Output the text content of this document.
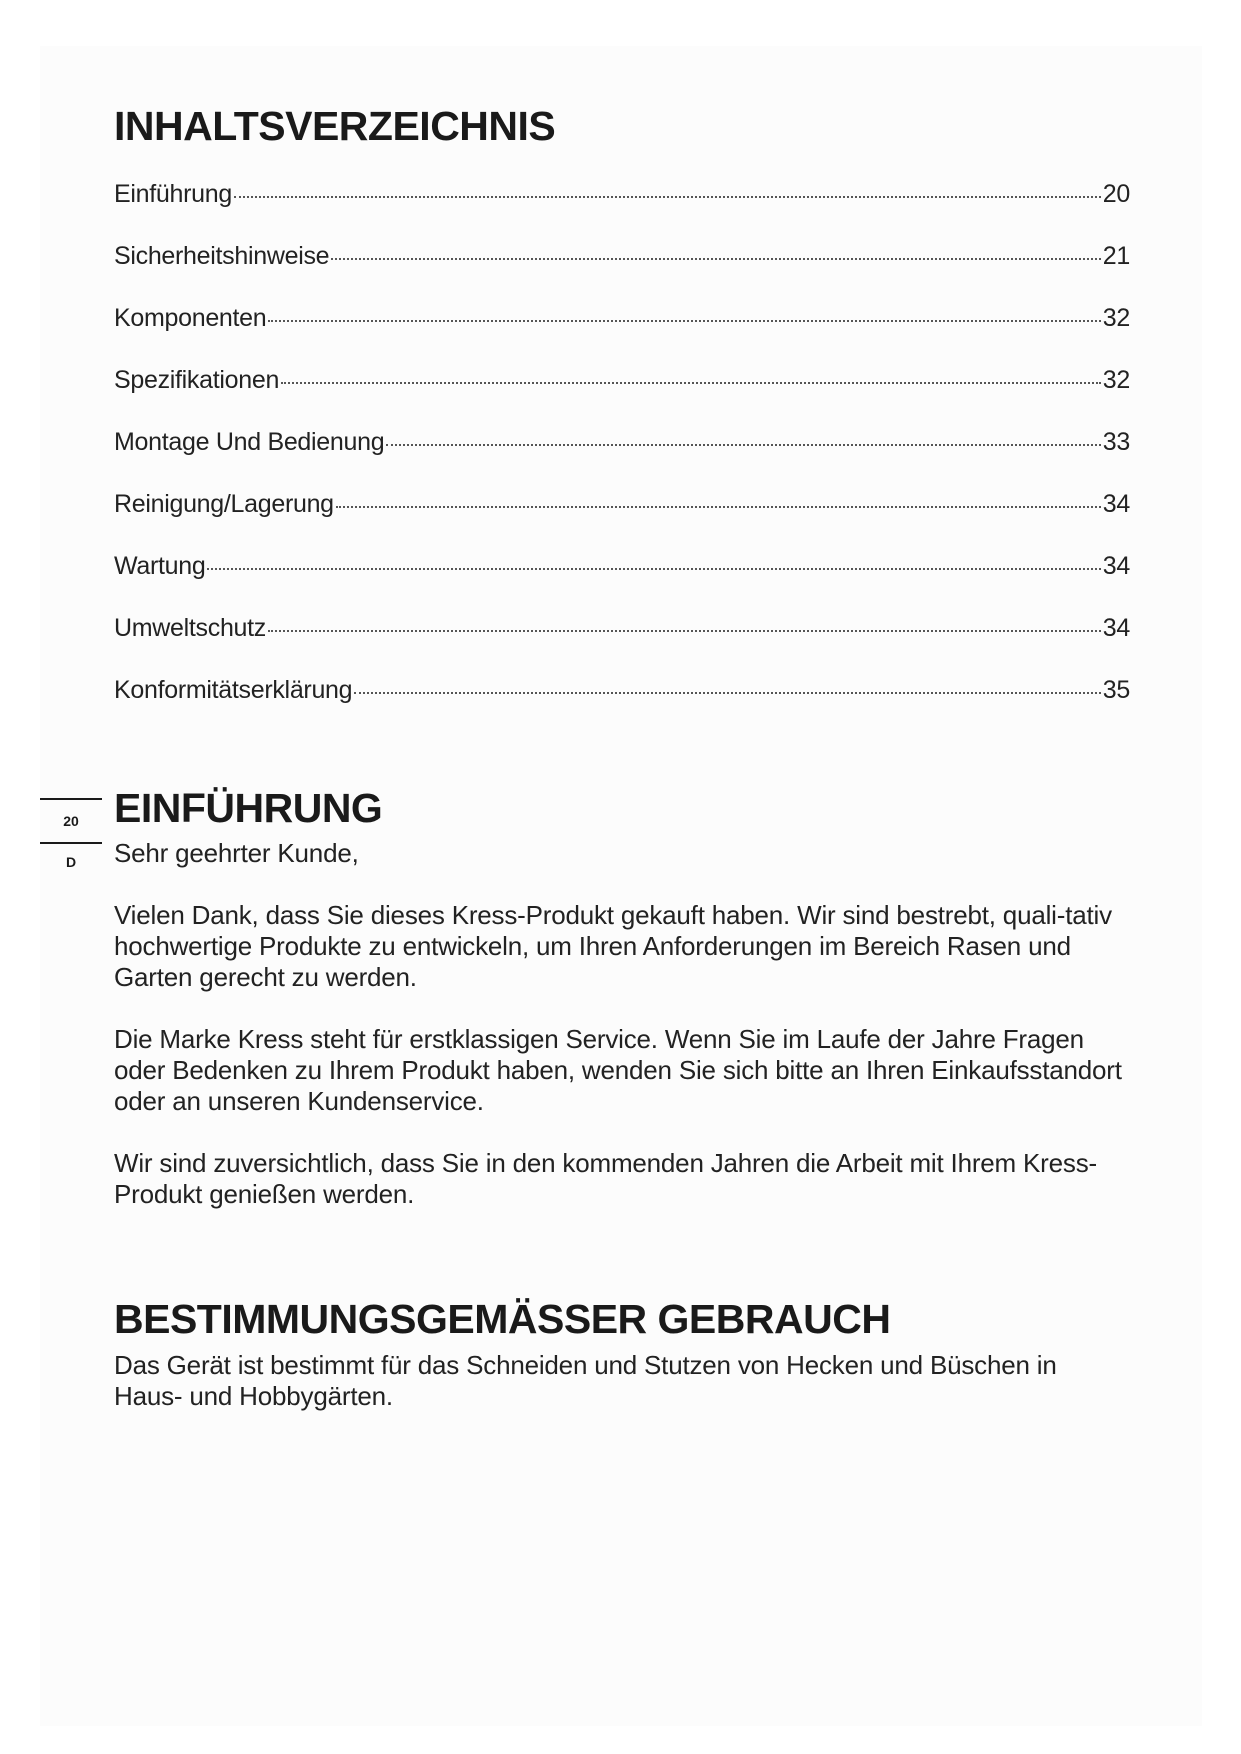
20
D
INHALTSVERZEICHNIS
Einführung	20
Sicherheitshinweise	21
Komponenten	32
Spezifikationen	32
Montage Und Bedienung	33
Reinigung/Lagerung	34
Wartung	34
Umweltschutz	34
Konformitätserklärung	35
EINFÜHRUNG

Sehr geehrter Kunde,

Vielen Dank, dass Sie dieses Kress-Produkt gekauft haben. Wir sind bestrebt, quali-tativ hochwertige Produkte zu entwickeln, um Ihren Anforderungen im Bereich Rasen und Garten gerecht zu werden.

Die Marke Kress steht für erstklassigen Service. Wenn Sie im Laufe der Jahre Fragen oder Bedenken zu Ihrem Produkt haben, wenden Sie sich bitte an Ihren Einkaufsstandort oder an unseren Kundenservice.

Wir sind zuversichtlich, dass Sie in den kommenden Jahren die Arbeit mit Ihrem Kress-Produkt genießen werden.

BESTIMMUNGSGEMÄSSER GEBRAUCH

Das Gerät ist bestimmt für das Schneiden und Stutzen von Hecken und Büschen in Haus- und Hobbygärten.
